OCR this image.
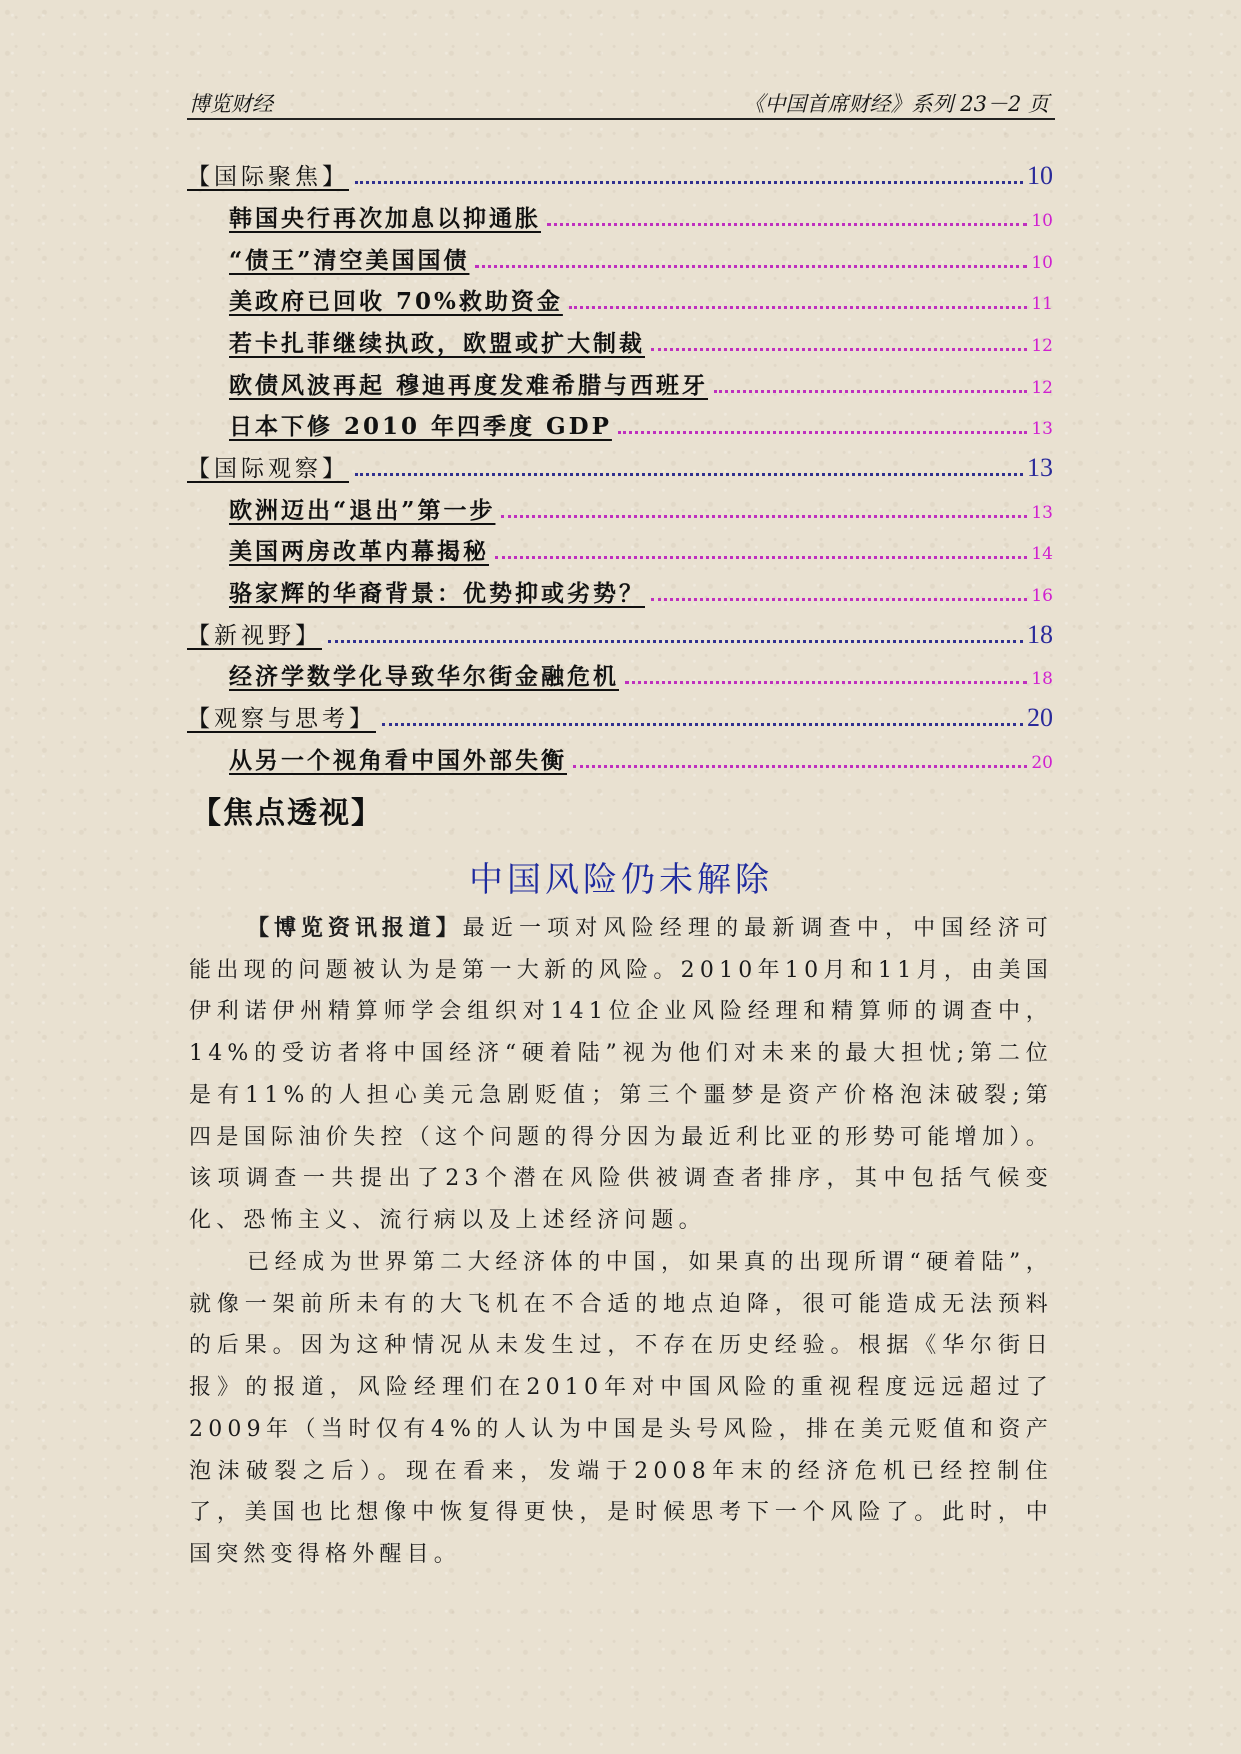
博览财经	《中国首席财经》系列 23－2 页
【国际聚焦】	10
韩国央行再次加息以抑通胀	10
“债王”清空美国国债	10
美政府已回收 70%救助资金	11
若卡扎菲继续执政，欧盟或扩大制裁	12
欧债风波再起 穆迪再度发难希腊与西班牙	12
日本下修 2010 年四季度 GDP	13
【国际观察】	13
欧洲迈出“退出”第一步	13
美国两房改革内幕揭秘	14
骆家辉的华裔背景：优势抑或劣势？	16
【新视野】	18
经济学数学化导致华尔街金融危机	18
【观察与思考】	20
从另一个视角看中国外部失衡	20
【焦点透视】
中国风险仍未解除
【博览资讯报道】最近一项对风险经理的最新调查中，中国经济可能出现的问题被认为是第一大新的风险。2010年10月和11月，由美国伊利诺伊州精算师学会组织对141位企业风险经理和精算师的调查中，14%的受访者将中国经济“硬着陆”视为他们对未来的最大担忧;第二位是有11%的人担心美元急剧贬值；第三个噩梦是资产价格泡沫破裂;第四是国际油价失控（这个问题的得分因为最近利比亚的形势可能增加）。该项调查一共提出了23个潜在风险供被调查者排序，其中包括气候变化、恐怖主义、流行病以及上述经济问题。
已经成为世界第二大经济体的中国，如果真的出现所谓“硬着陆”，就像一架前所未有的大飞机在不合适的地点迫降，很可能造成无法预料的后果。因为这种情况从未发生过，不存在历史经验。根据《华尔街日报》的报道，风险经理们在2010年对中国风险的重视程度远远超过了2009年（当时仅有4%的人认为中国是头号风险，排在美元贬值和资产泡沫破裂之后）。现在看来，发端于2008年末的经济危机已经控制住了，美国也比想像中恢复得更快，是时候思考下一个风险了。此时，中国突然变得格外醒目。
